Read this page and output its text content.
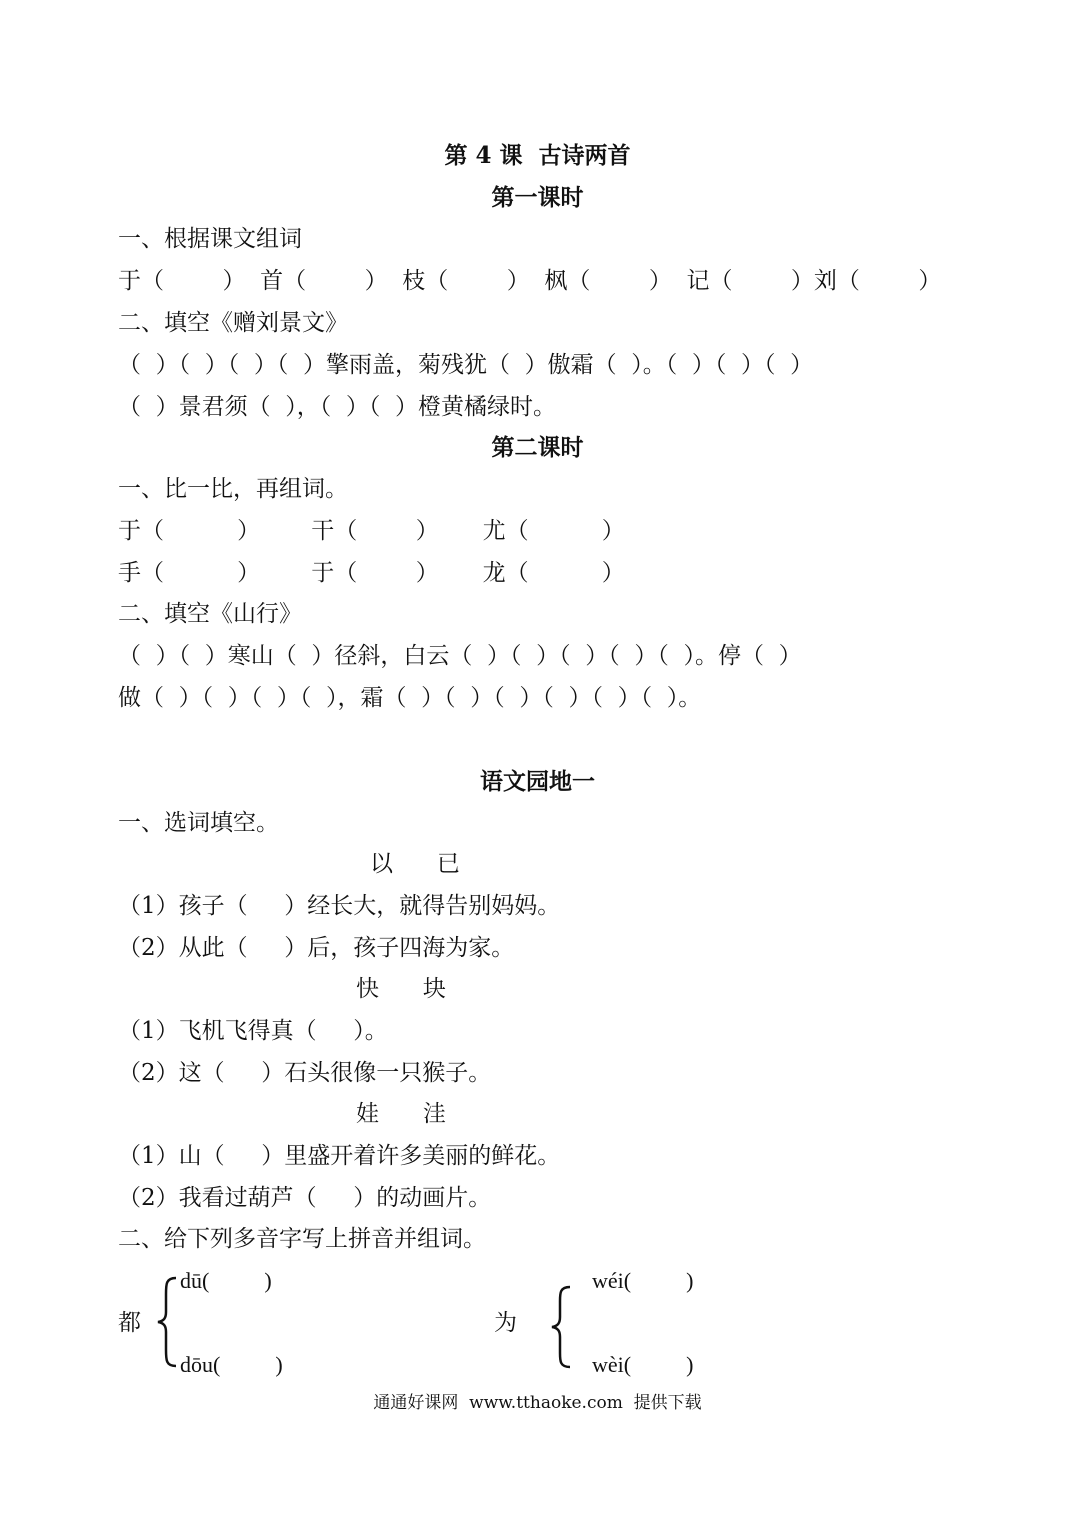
第 4 课  古诗两首
第一课时
一、根据课文组词
于（        ）  首（        ）  枝（        ）  枫（        ）  记（        ）刘（        ）
二、填空《赠刘景文》
（  ）（  ）（  ）（  ）擎雨盖，菊残犹（  ）傲霜（  ）。（  ）（  ）（  ）
（  ）景君须（  ），（  ）（  ）橙黄橘绿时。
第二课时
一、比一比，再组词。
于（          ）       干（        ）      尤（          ）
手（          ）       于（        ）      龙（          ）
二、填空《山行》
（  ）（  ）寒山（  ）径斜，白云（  ）（  ）（  ）（  ）（  ）。停（  ）
做（  ）（  ）（  ）（  ），霜（  ）（  ）（  ）（  ）（  ）（  ）。
语文园地一
一、选词填空。
以      已
（1）孩子（     ）经长大，就得告别妈妈。
（2）从此（     ）后，孩子四海为家。
快      块
（1）飞机飞得真（     ）。
（2）这（     ）石头很像一只猴子。
娃      洼
（1）山（     ）里盛开着许多美丽的鲜花。
（2）我看过葫芦（     ）的动画片。
二、给下列多音字写上拼音并组词。
都
dū(          )
dōu(          )
为
wéi(          )
wèi(          )
通通好课网  www.tthaoke.com  提供下载
